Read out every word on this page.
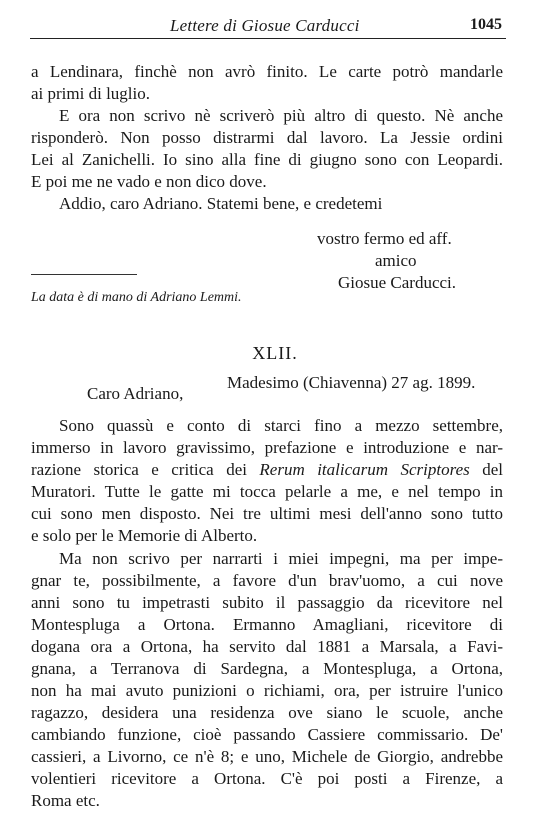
Lettere di Giosue Carducci	1045
a Lendinara, finchè non avrò finito. Le carte potrò mandarle
ai primi di luglio.
E ora non scrivo nè scriverò più altro di questo. Nè anche
risponderò. Non posso distrarmi dal lavoro. La Jessie ordini
Lei al Zanichelli. Io sino alla fine di giugno sono con Leopardi.
E poi me ne vado e non dico dove.
Addio, caro Adriano. Statemi bene, e credetemi
vostro fermo ed aff.
amico
Giosue Carducci.
La data è di mano di Adriano Lemmi.
XLII.
Madesimo (Chiavenna) 27 ag. 1899.
Caro Adriano,
Sono quassù e conto di starci fino a mezzo settembre,
immerso in lavoro gravissimo, prefazione e introduzione e nar-
razione storica e critica dei Rerum italicarum Scriptores del
Muratori. Tutte le gatte mi tocca pelarle a me, e nel tempo in
cui sono men disposto. Nei tre ultimi mesi dell'anno sono tutto
e solo per le Memorie di Alberto.
Ma non scrivo per narrarti i miei impegni, ma per impe-
gnar te, possibilmente, a favore d'un brav'uomo, a cui nove
anni sono tu impetrasti subito il passaggio da ricevitore nel
Montespluga a Ortona. Ermanno Amagliani, ricevitore di
dogana ora a Ortona, ha servito dal 1881 a Marsala, a Favi-
gnana, a Terranova di Sardegna, a Montespluga, a Ortona,
non ha mai avuto punizioni o richiami, ora, per istruire l'unico
ragazzo, desidera una residenza ove siano le scuole, anche
cambiando funzione, cioè passando Cassiere commissario. De'
cassieri, a Livorno, ce n'è 8; e uno, Michele de Giorgio, andrebbe
volentieri ricevitore a Ortona. C'è poi posti a Firenze, a
Roma etc.
